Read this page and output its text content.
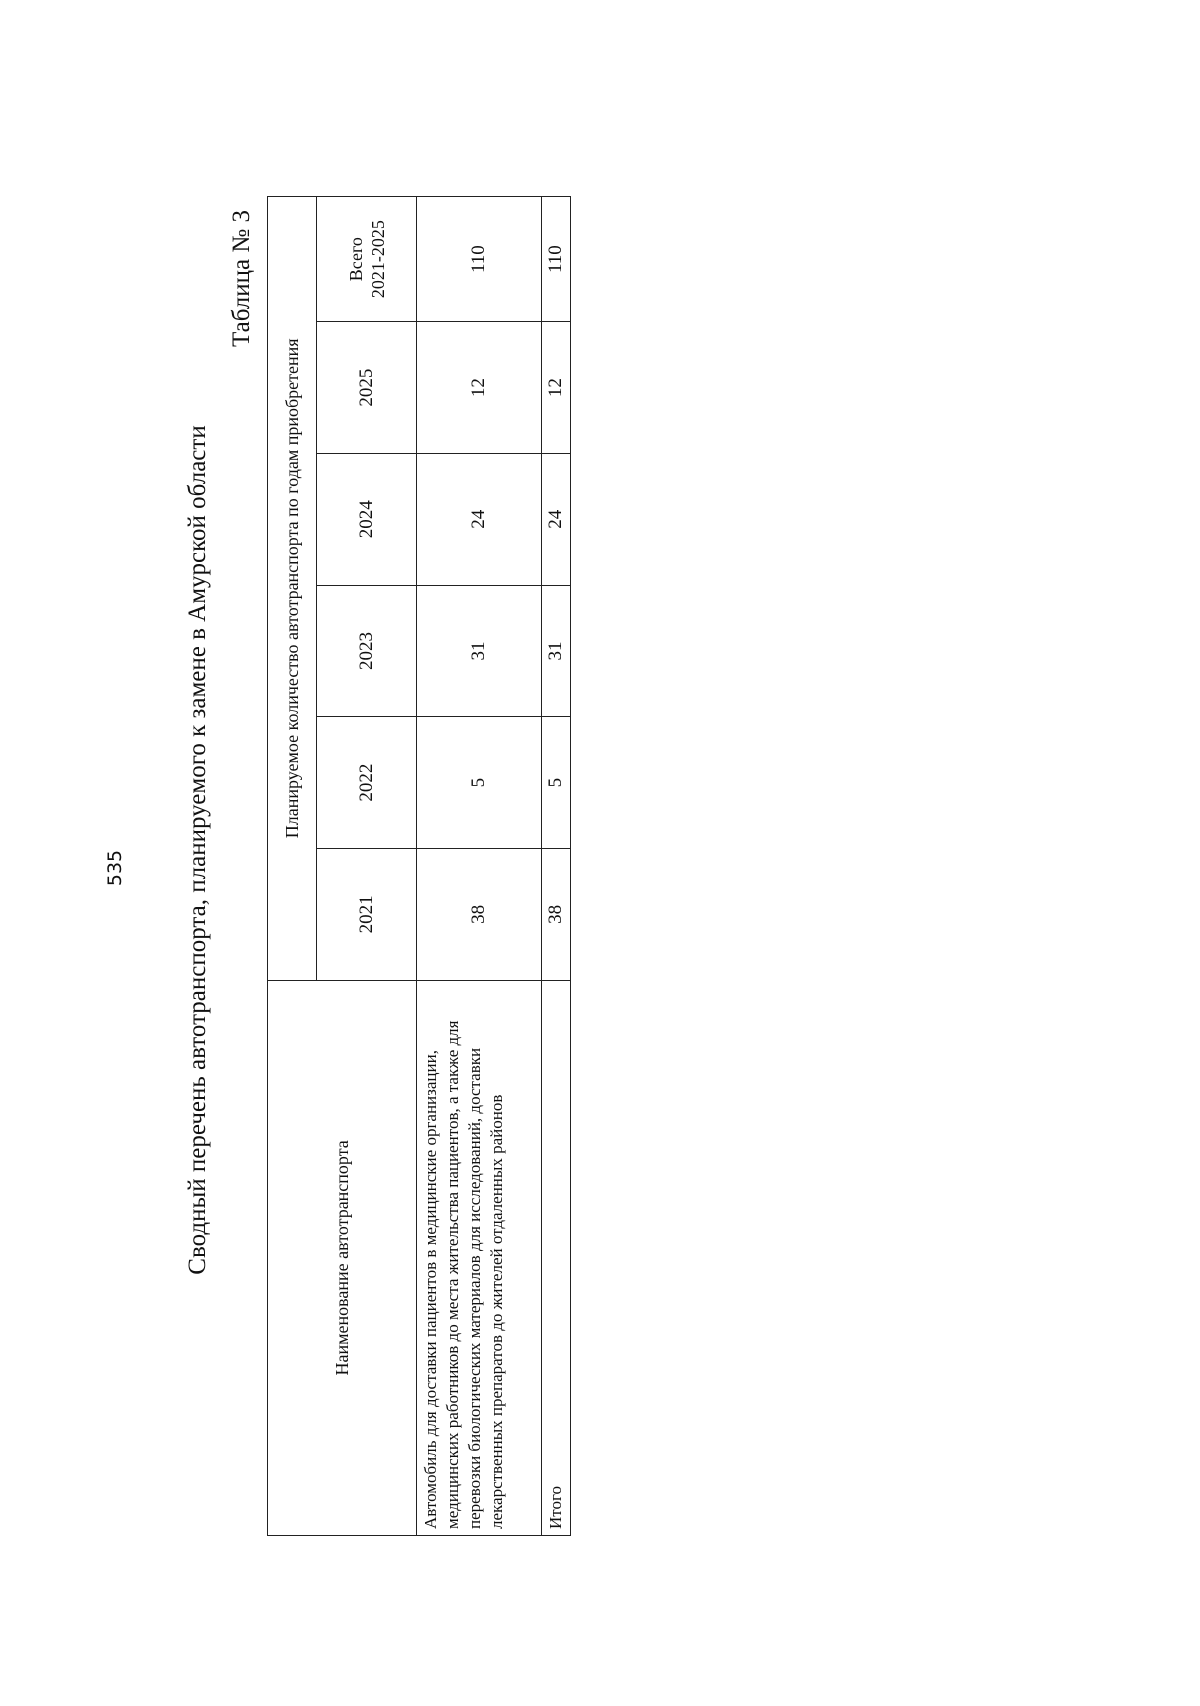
535 Сводный перечень автотранспорта, планируемого к замене в Амурской области
Таблица № 3
Наименование автотранспорта	Планируемое количество автотранспорта по годам приобретения					
	2021	2022	2023	2024	2025	Всего 2021-2025
Автомобиль для доставки пациентов в медицинские организации, медицинских работников до места жительства пациентов, а также для перевозки биологических материалов для исследований, доставки лекарственных препаратов до жителей отдаленных районов	38	5	31	24	12	110
Итого	38	5	31	24	12	110
